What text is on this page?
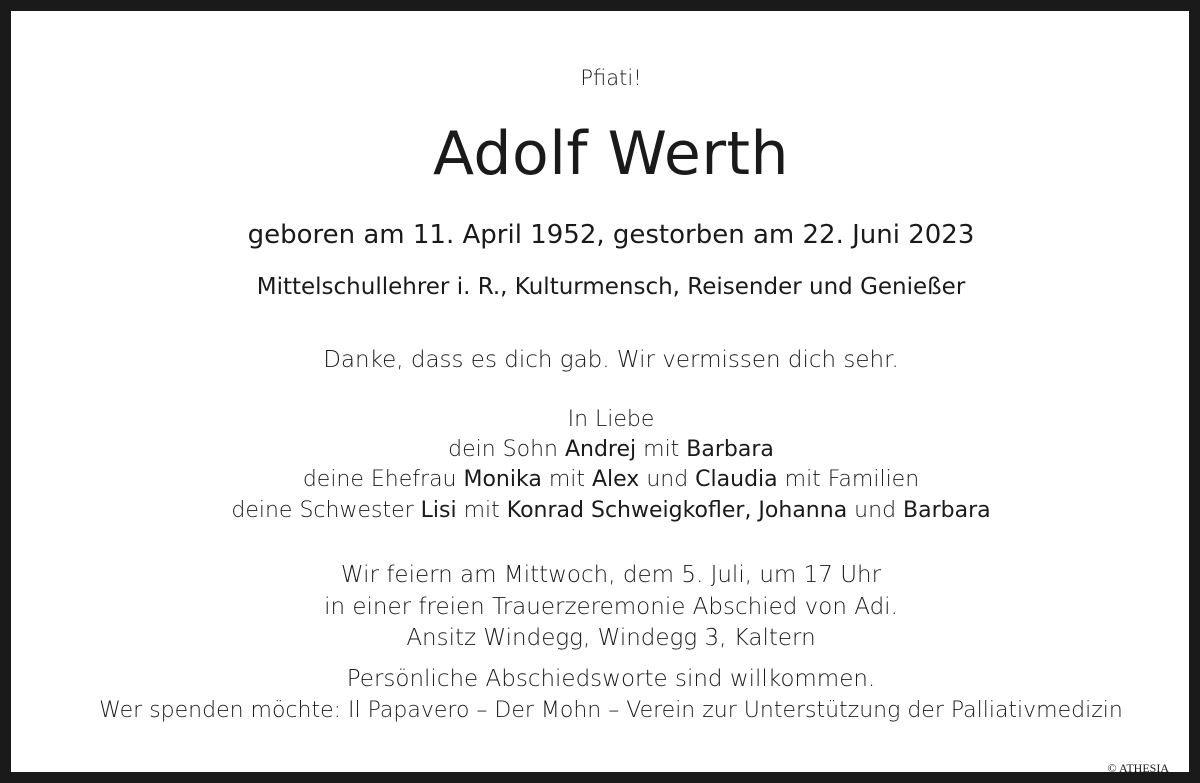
Pfiati!
Adolf Werth
geboren am 11. April 1952, gestorben am 22. Juni 2023
Mittelschullehrer i. R., Kulturmensch, Reisender und Genießer
Danke, dass es dich gab. Wir vermissen dich sehr.
In Liebe
dein Sohn Andrej mit Barbara
deine Ehefrau Monika mit Alex und Claudia mit Familien
deine Schwester Lisi mit Konrad Schweigkofler, Johanna und Barbara
Wir feiern am Mittwoch, dem 5. Juli, um 17 Uhr
in einer freien Trauerzeremonie Abschied von Adi.
Ansitz Windegg, Windegg 3, Kaltern
Persönliche Abschiedsworte sind willkommen.
Wer spenden möchte: Il Papavero – Der Mohn – Verein zur Unterstützung der Palliativmedizin
© ATHESIA
